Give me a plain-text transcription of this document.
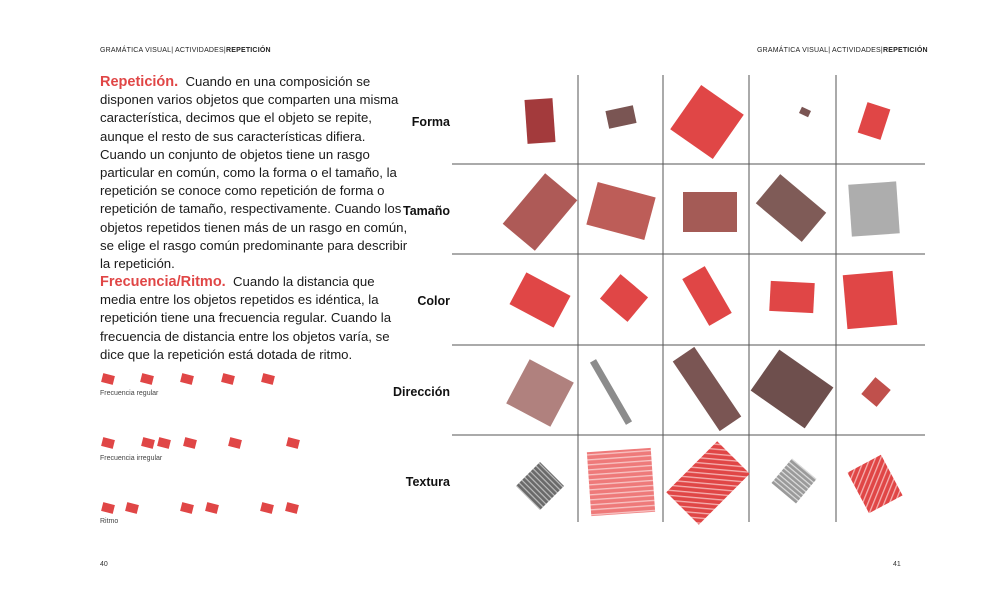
GRAMÁTICA VISUAL| ACTIVIDADES|REPETICIÓN	GRAMÁTICA VISUAL| ACTIVIDADES|REPETICIÓN

Repetición. Cuando en una composición se disponen varios objetos que comparten una misma característica, decimos que el objeto se repite, aunque el resto de sus características difiera. Cuando un conjunto de objetos tiene un rasgo particular en común, como la forma o el tamaño, la repetición se conoce como repetición de forma o repetición de tamaño, respectivamente. Cuando los objetos repetidos tienen más de un rasgo en común, se elige el rasgo común predominante para describir la repetición.

Frecuencia/Ritmo. Cuando la distancia que media entre los objetos repetidos es idéntica, la repetición tiene una frecuencia regular. Cuando la frecuencia de distancia entre los objetos varía, se dice que la repetición está dotada de ritmo.

Frecuencia regular
Frecuencia irregular
Ritmo
Forma
Tamaño
Color
Dirección
Textura
40	41
